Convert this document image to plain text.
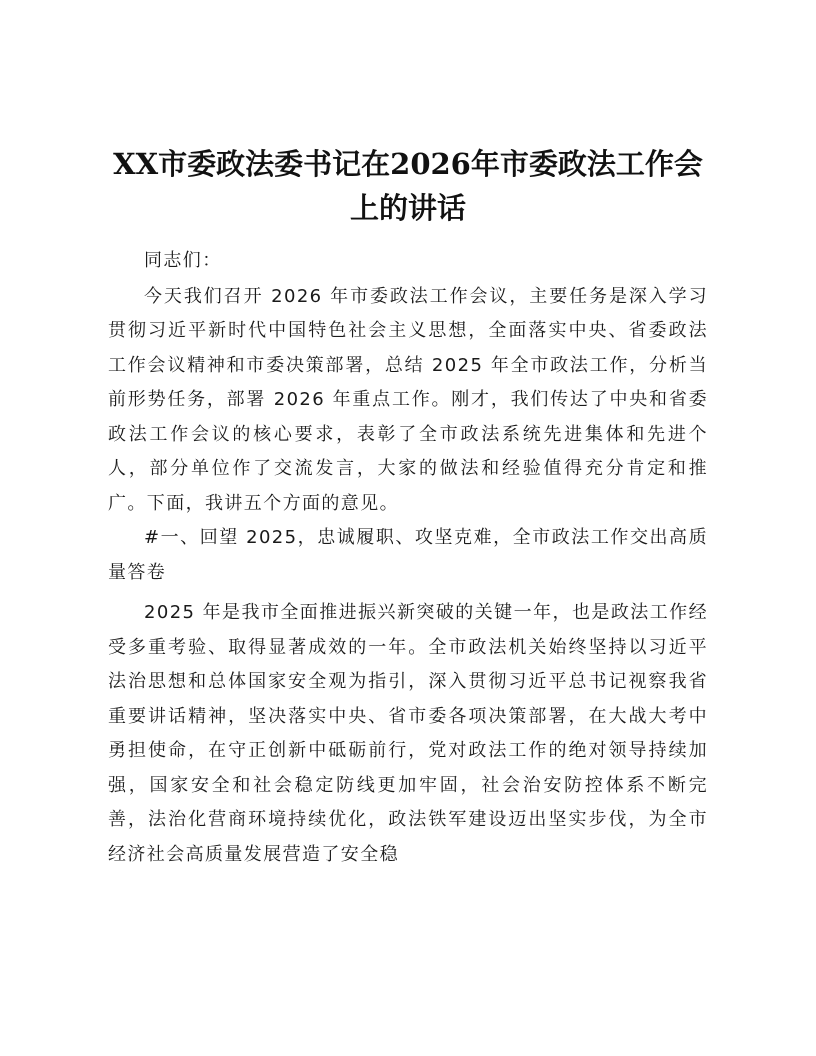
XX市委政法委书记在2026年市委政法工作会上的讲话

同志们：

今天我们召开 2026 年市委政法工作会议，主要任务是深入学习贯彻习近平新时代中国特色社会主义思想，全面落实中央、省委政法工作会议精神和市委决策部署，总结 2025 年全市政法工作，分析当前形势任务，部署 2026 年重点工作。刚才，我们传达了中央和省委政法工作会议的核心要求，表彰了全市政法系统先进集体和先进个人，部分单位作了交流发言，大家的做法和经验值得充分肯定和推广。下面，我讲五个方面的意见。

#一、回望 2025，忠诚履职、攻坚克难，全市政法工作交出高质量答卷

2025 年是我市全面推进振兴新突破的关键一年，也是政法工作经受多重考验、取得显著成效的一年。全市政法机关始终坚持以习近平法治思想和总体国家安全观为指引，深入贯彻习近平总书记视察我省重要讲话精神，坚决落实中央、省市委各项决策部署，在大战大考中勇担使命，在守正创新中砥砺前行，党对政法工作的绝对领导持续加强，国家安全和社会稳定防线更加牢固，社会治安防控体系不断完善，法治化营商环境持续优化，政法铁军建设迈出坚实步伐，为全市经济社会高质量发展营造了安全稳
